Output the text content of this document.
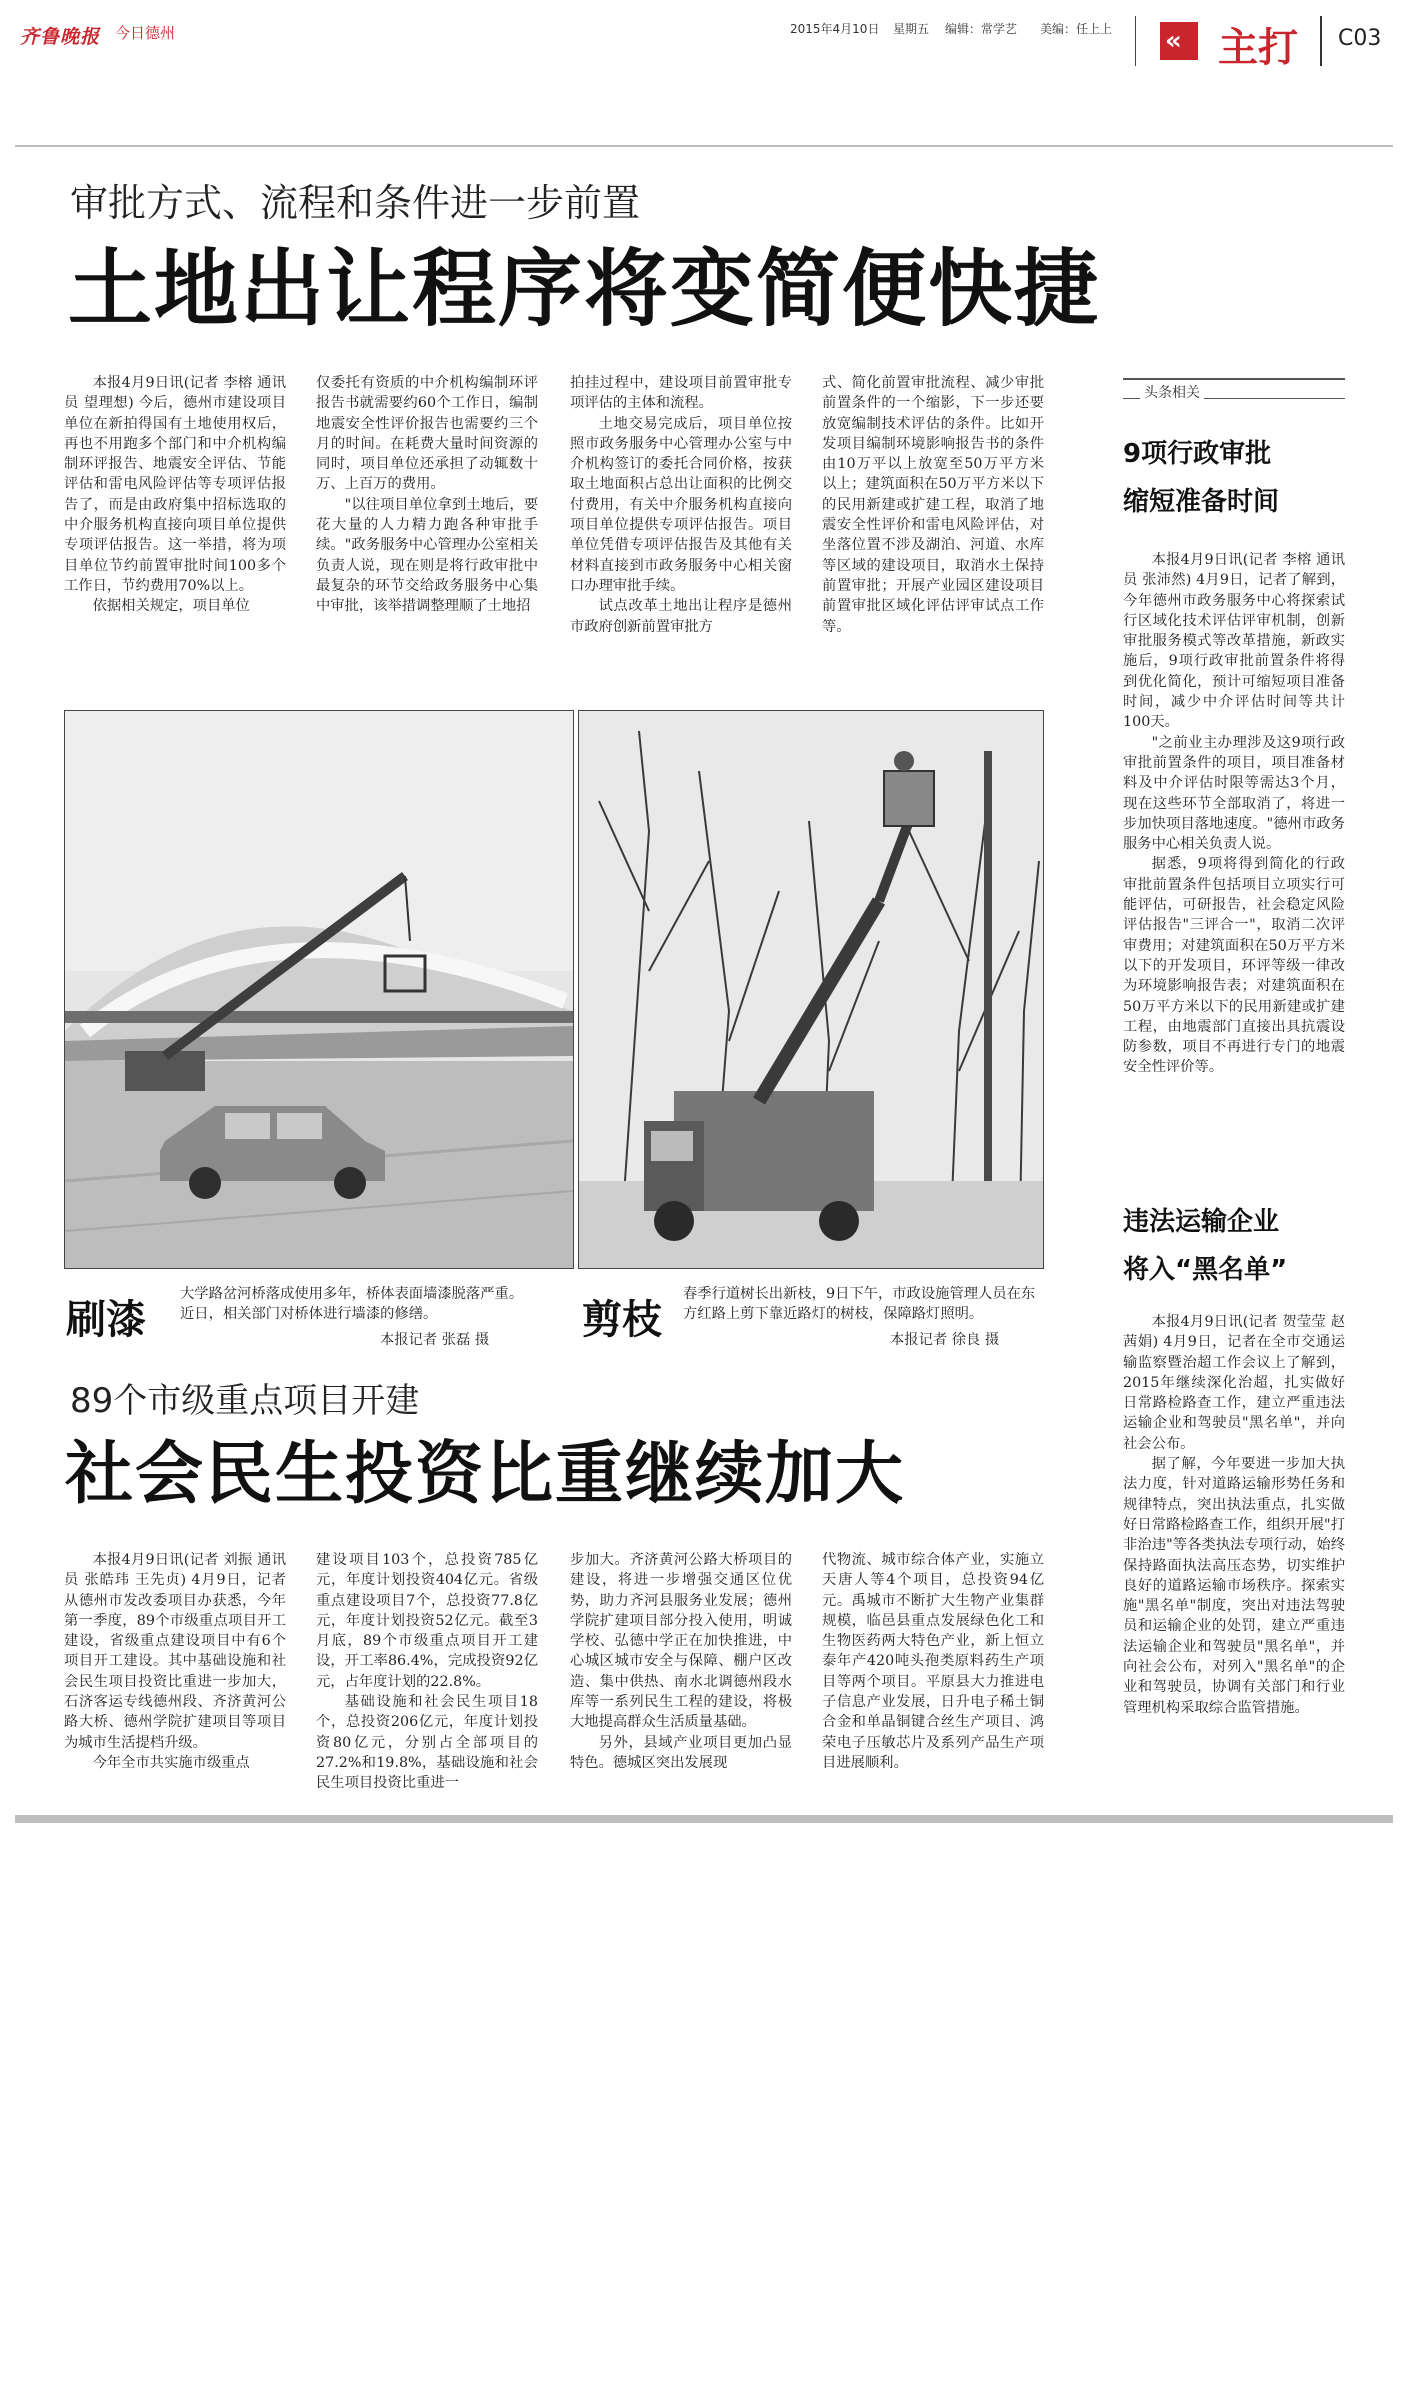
齐鲁晚报 今日德州	2015年4月10日 星期五 编辑：常学艺 美编：任上上 « 主打 C03
审批方式、流程和条件进一步前置
土地出让程序将变简便快捷

本报4月9日讯(记者 李榕 通讯员 望理想) 今后，德州市建设项目单位在新拍得国有土地使用权后，再也不用跑多个部门和中介机构编制环评报告、地震安全评估、节能评估和雷电风险评估等专项评估报告了，而是由政府集中招标选取的中介服务机构直接向项目单位提供专项评估报告。这一举措，将为项目单位节约前置审批时间100多个工作日，节约费用70%以上。

依据相关规定，项目单位

仅委托有资质的中介机构编制环评报告书就需要约60个工作日，编制地震安全性评价报告也需要约三个月的时间。在耗费大量时间资源的同时，项目单位还承担了动辄数十万、上百万的费用。

"以往项目单位拿到土地后，要花大量的人力精力跑各种审批手续。"政务服务中心管理办公室相关负责人说，现在则是将行政审批中最复杂的环节交给政务服务中心集中审批，该举措调整理顺了土地招

拍挂过程中，建设项目前置审批专项评估的主体和流程。

土地交易完成后，项目单位按照市政务服务中心管理办公室与中介机构签订的委托合同价格，按获取土地面积占总出让面积的比例交付费用，有关中介服务机构直接向项目单位提供专项评估报告。项目单位凭借专项评估报告及其他有关材料直接到市政务服务中心相关窗口办理审批手续。

试点改革土地出让程序是德州市政府创新前置审批方

式、简化前置审批流程、减少审批前置条件的一个缩影，下一步还要放宽编制技术评估的条件。比如开发项目编制环境影响报告书的条件由10万平以上放宽至50万平方米以上；建筑面积在50万平方米以下的民用新建或扩建工程，取消了地震安全性评价和雷电风险评估，对坐落位置不涉及湖泊、河道、水库等区域的建设项目，取消水土保持前置审批；开展产业园区建设项目前置审批区域化评估评审试点工作等。

刷漆
大学路岔河桥落成使用多年，桥体表面墙漆脱落严重。近日，相关部门对桥体进行墙漆的修缮。
本报记者 张磊 摄 剪枝
春季行道树长出新枝，9日下午，市政设施管理人员在东方红路上剪下靠近路灯的树枝，保障路灯照明。
本报记者 徐良 摄
89个市级重点项目开建
社会民生投资比重继续加大

本报4月9日讯(记者 刘振 通讯员 张皓玮 王先贞) 4月9日，记者从德州市发改委项目办获悉，今年第一季度，89个市级重点项目开工建设，省级重点建设项目中有6个项目开工建设。其中基础设施和社会民生项目投资比重进一步加大，石济客运专线德州段、齐济黄河公路大桥、德州学院扩建项目等项目为城市生活提档升级。

今年全市共实施市级重点

建设项目103个，总投资785亿元，年度计划投资404亿元。省级重点建设项目7个，总投资77.8亿元，年度计划投资52亿元。截至3月底，89个市级重点项目开工建设，开工率86.4%，完成投资92亿元，占年度计划的22.8%。

基础设施和社会民生项目18个，总投资206亿元，年度计划投资80亿元，分别占全部项目的27.2%和19.8%，基础设施和社会民生项目投资比重进一

步加大。齐济黄河公路大桥项目的建设，将进一步增强交通区位优势，助力齐河县服务业发展；德州学院扩建项目部分投入使用，明诚学校、弘德中学正在加快推进，中心城区城市安全与保障、棚户区改造、集中供热、南水北调德州段水库等一系列民生工程的建设，将极大地提高群众生活质量基础。

另外，县域产业项目更加凸显特色。德城区突出发展现

代物流、城市综合体产业，实施立天唐人等4个项目，总投资94亿元。禹城市不断扩大生物产业集群规模，临邑县重点发展绿色化工和生物医药两大特色产业，新上恒立泰年产420吨头孢类原料药生产项目等两个项目。平原县大力推进电子信息产业发展，日升电子稀土铜合金和单晶铜键合丝生产项目、鸿荣电子压敏芯片及系列产品生产项目进展顺利。

头条相关
9项行政审批
缩短准备时间

本报4月9日讯(记者 李榕 通讯员 张沛然) 4月9日，记者了解到，今年德州市政务服务中心将探索试行区域化技术评估评审机制，创新审批服务模式等改革措施，新政实施后，9项行政审批前置条件将得到优化简化，预计可缩短项目准备时间，减少中介评估时间等共计100天。

"之前业主办理涉及这9项行政审批前置条件的项目，项目准备材料及中介评估时限等需达3个月，现在这些环节全部取消了，将进一步加快项目落地速度。"德州市政务服务中心相关负责人说。

据悉，9项将得到简化的行政审批前置条件包括项目立项实行可能评估，可研报告，社会稳定风险评估报告"三评合一"，取消二次评审费用；对建筑面积在50万平方米以下的开发项目，环评等级一律改为环境影响报告表；对建筑面积在50万平方米以下的民用新建或扩建工程，由地震部门直接出具抗震设防参数，项目不再进行专门的地震安全性评价等。

违法运输企业
将入“黑名单”

本报4月9日讯(记者 贺莹莹 赵茜娟) 4月9日，记者在全市交通运输监察暨治超工作会议上了解到，2015年继续深化治超，扎实做好日常路检路查工作，建立严重违法运输企业和驾驶员"黑名单"，并向社会公布。

据了解，今年要进一步加大执法力度，针对道路运输形势任务和规律特点，突出执法重点，扎实做好日常路检路查工作，组织开展"打非治违"等各类执法专项行动，始终保持路面执法高压态势，切实维护良好的道路运输市场秩序。探索实施"黑名单"制度，突出对违法驾驶员和运输企业的处罚，建立严重违法运输企业和驾驶员"黑名单"，并向社会公布，对列入"黑名单"的企业和驾驶员，协调有关部门和行业管理机构采取综合监管措施。
